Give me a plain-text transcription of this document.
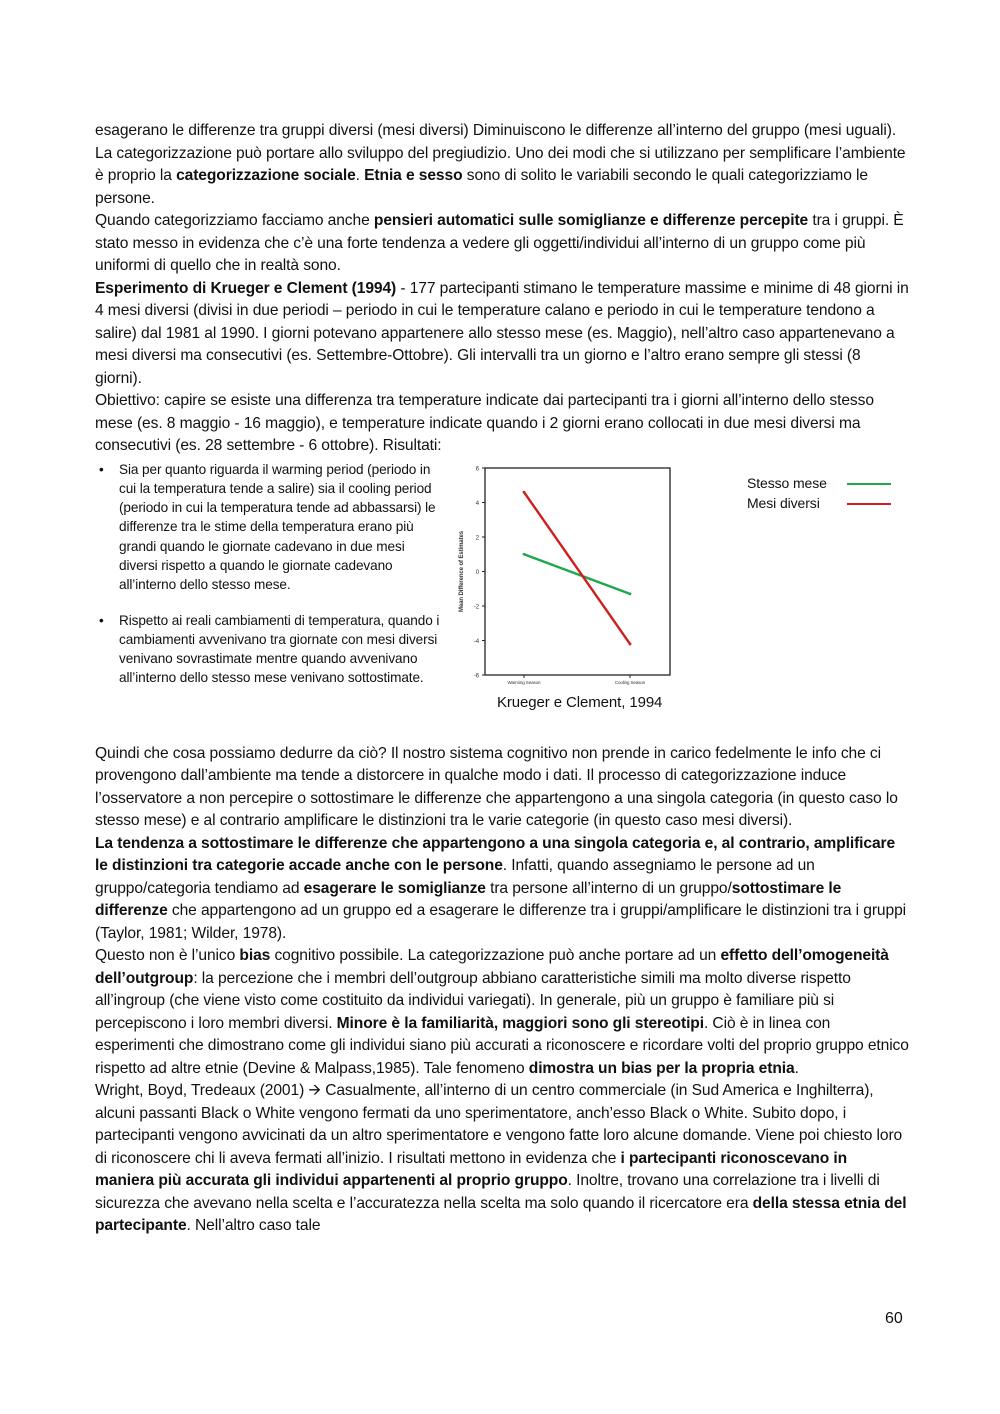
esagerano le differenze tra gruppi diversi (mesi diversi) Diminuiscono le differenze all’interno del gruppo (mesi uguali).

La categorizzazione può portare allo sviluppo del pregiudizio. Uno dei modi che si utilizzano per semplificare l’ambiente è proprio la categorizzazione sociale. Etnia e sesso sono di solito le variabili secondo le quali categorizziamo le persone.

Quando categorizziamo facciamo anche pensieri automatici sulle somiglianze e differenze percepite tra i gruppi. È stato messo in evidenza che c’è una forte tendenza a vedere gli oggetti/individui all’interno di un gruppo come più uniformi di quello che in realtà sono.

Esperimento di Krueger e Clement (1994) - 177 partecipanti stimano le temperature massime e minime di 48 giorni in 4 mesi diversi (divisi in due periodi – periodo in cui le temperature calano e periodo in cui le temperature tendono a salire) dal 1981 al 1990. I giorni potevano appartenere allo stesso mese (es. Maggio), nell’altro caso appartenevano a mesi diversi ma consecutivi (es. Settembre-Ottobre). Gli intervalli tra un giorno e l’altro erano sempre gli stessi (8 giorni).

Obiettivo: capire se esiste una differenza tra temperature indicate dai partecipanti tra i giorni all’interno dello stesso mese (es. 8 maggio - 16 maggio), e temperature indicate quando i 2 giorni erano collocati in due mesi diversi ma consecutivi (es. 28 settembre - 6 ottobre). Risultati:

• Sia per quanto riguarda il warming period (periodo in cui la temperatura tende a salire) sia il cooling period (periodo in cui la temperatura tende ad abbassarsi) le differenze tra le stime della temperatura erano più grandi quando le giornate cadevano in due mesi diversi rispetto a quando le giornate cadevano all’interno dello stesso mese.
• Rispetto ai reali cambiamenti di temperatura, quando i cambiamenti avvenivano tra giornate con mesi diversi venivano sovrastimate mentre quando avvenivano all’interno dello stesso mese venivano sottostimate.
6
4
2
0
-2
-4
-6
Mean Difference of Estimates
Warming Season	Cooling Season
Krueger e Clement, 1994
Stesso mese
Mesi diversi

Quindi che cosa possiamo dedurre da ciò? Il nostro sistema cognitivo non prende in carico fedelmente le info che ci provengono dall’ambiente ma tende a distorcere in qualche modo i dati. Il processo di categorizzazione induce l’osservatore a non percepire o sottostimare le differenze che appartengono a una singola categoria (in questo caso lo stesso mese) e al contrario amplificare le distinzioni tra le varie categorie (in questo caso mesi diversi).

La tendenza a sottostimare le differenze che appartengono a una singola categoria e, al contrario, amplificare le distinzioni tra categorie accade anche con le persone. Infatti, quando assegniamo le persone ad un gruppo/categoria tendiamo ad esagerare le somiglianze tra persone all’interno di un gruppo/sottostimare le differenze che appartengono ad un gruppo ed a esagerare le differenze tra i gruppi/amplificare le distinzioni tra i gruppi (Taylor, 1981; Wilder, 1978).

Questo non è l’unico bias cognitivo possibile. La categorizzazione può anche portare ad un effetto dell’omogeneità dell’outgroup: la percezione che i membri dell’outgroup abbiano caratteristiche simili ma molto diverse rispetto all’ingroup (che viene visto come costituito da individui variegati). In generale, più un gruppo è familiare più si percepiscono i loro membri diversi. Minore è la familiarità, maggiori sono gli stereotipi. Ciò è in linea con esperimenti che dimostrano come gli individui siano più accurati a riconoscere e ricordare volti del proprio gruppo etnico rispetto ad altre etnie (Devine & Malpass,1985). Tale fenomeno dimostra un bias per la propria etnia.

Wright, Boyd, Tredeaux (2001) 🡪 Casualmente, all’interno di un centro commerciale (in Sud America e Inghilterra), alcuni passanti Black o White vengono fermati da uno sperimentatore, anch’esso Black o White. Subito dopo, i partecipanti vengono avvicinati da un altro sperimentatore e vengono fatte loro alcune domande. Viene poi chiesto loro di riconoscere chi li aveva fermati all’inizio. I risultati mettono in evidenza che i partecipanti riconoscevano in maniera più accurata gli individui appartenenti al proprio gruppo. Inoltre, trovano una correlazione tra i livelli di sicurezza che avevano nella scelta e l’accuratezza nella scelta ma solo quando il ricercatore era della stessa etnia del partecipante. Nell’altro caso tale

60
